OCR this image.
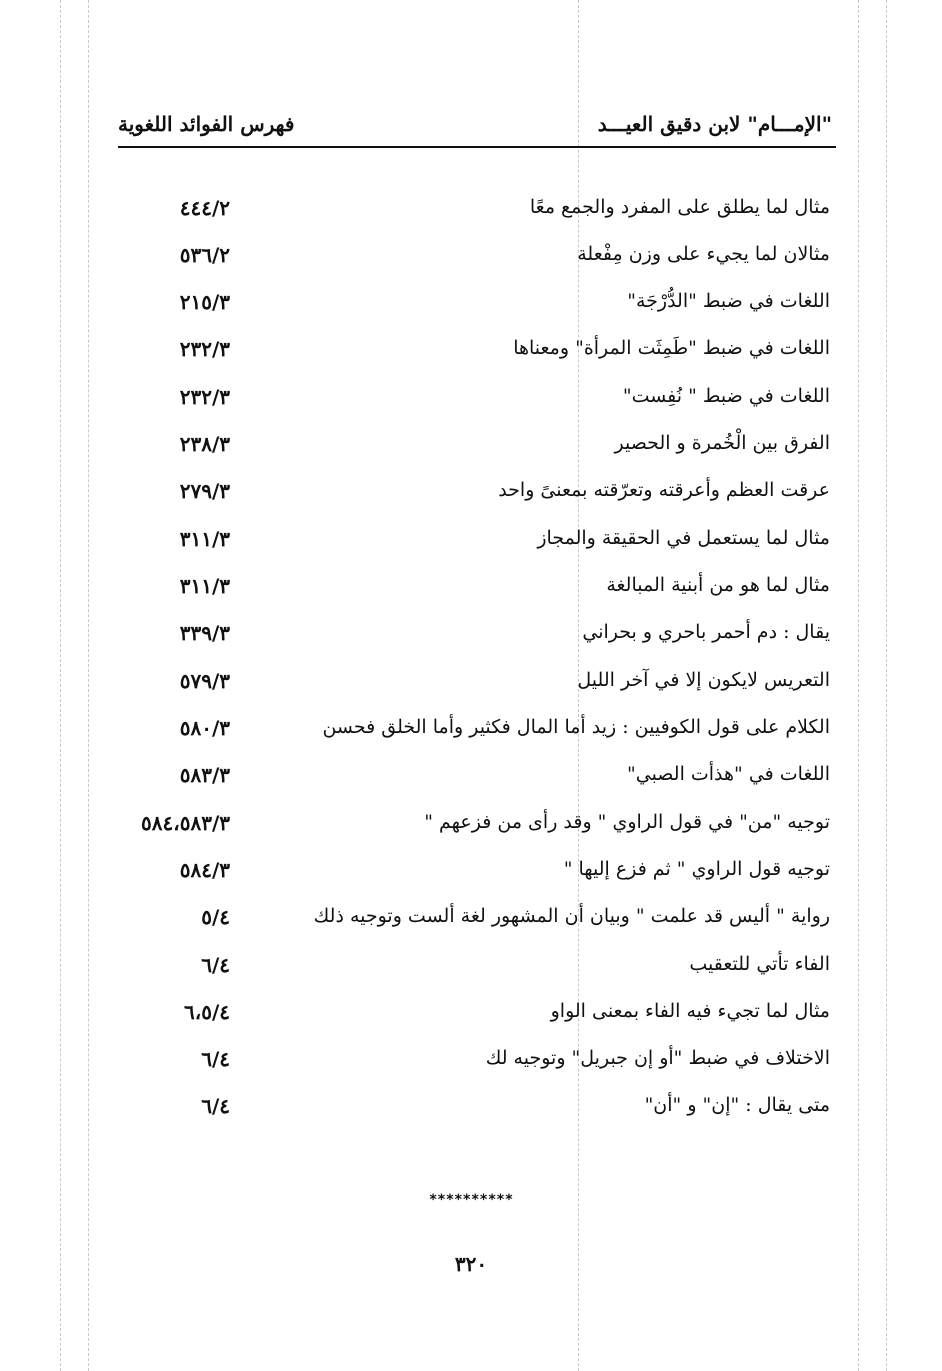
"الإمـــام" لابن دقيق العيـــد
فهرس الفوائد اللغوية
مثال لما يطلق على المفرد والجمع معًا
٤٤٤/٢
مثالان لما يجيء على وزن مِفْعلة
٥٣٦/٢
اللغات في ضبط "الدُّرْجَة"
٢١٥/٣
اللغات في ضبط "طَمِثَت المرأة" ومعناها
٢٣٢/٣
اللغات في ضبط " نُفِست"
٢٣٢/٣
الفرق بين الْخُمرة و الحصير
٢٣٨/٣
عرقت العظم وأعرقته وتعرّقته بمعنىً واحد
٢٧٩/٣
مثال لما يستعمل في الحقيقة والمجاز
٣١١/٣
مثال لما هو من أبنية المبالغة
٣١١/٣
يقال : دم أحمر باحري و بحراني
٣٣٩/٣
التعريس لايكون إلا في آخر الليل
٥٧٩/٣
الكلام على قول الكوفيين : زيد أما المال فكثير وأما الخلق فحسن
٥٨٠/٣
اللغات في "هذأت الصبي"
٥٨٣/٣
توجيه "من" في قول الراوي " وقد رأى من فزعهم "
٥٨٤،٥٨٣/٣
توجيه قول الراوي " ثم فزع إليها "
٥٨٤/٣
رواية " أليس قد علمت " وبيان أن المشهور لغة ألست وتوجيه ذلك
٥/٤
الفاء تأتي للتعقيب
٦/٤
مثال لما تجيء فيه الفاء بمعنى الواو
٦،٥/٤
الاختلاف في ضبط "أو إن جبريل" وتوجيه لك
٦/٤
متى يقال : "إن" و "أن"
٦/٤
**********
٣٢٠
